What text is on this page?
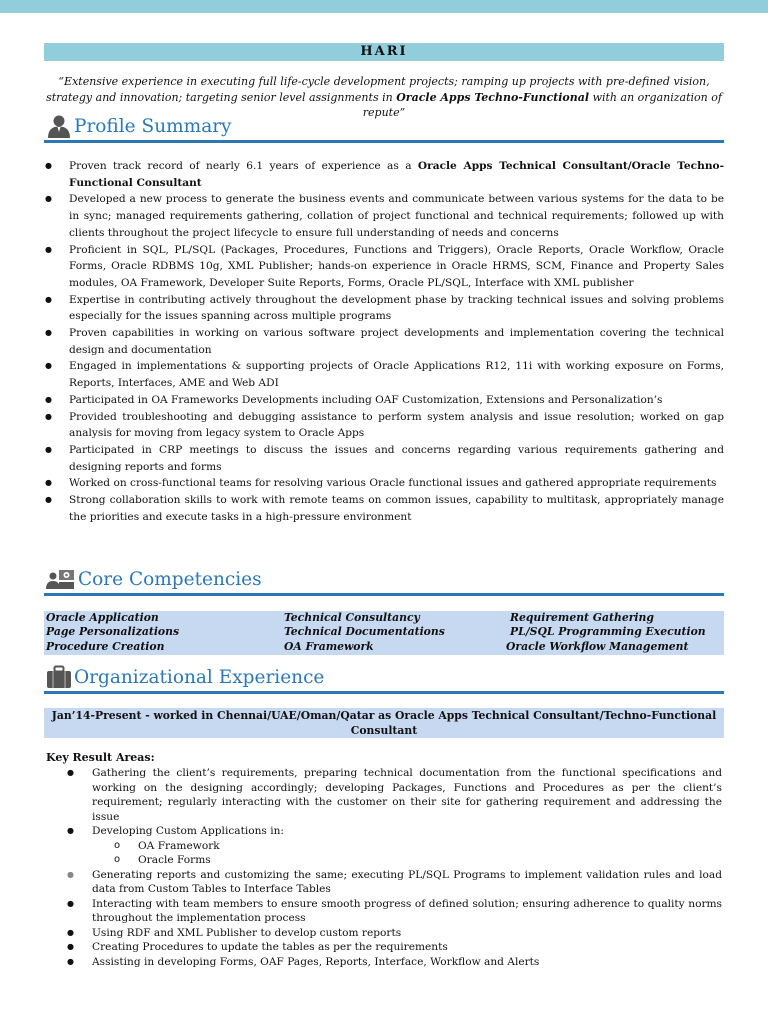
HARI
“Extensive experience in executing full life-cycle development projects; ramping up projects with pre-defined vision, strategy and innovation; targeting senior level assignments in Oracle Apps Techno-Functional with an organization of repute”
Profile Summary
● Proven track record of nearly 6.1 years of experience as a Oracle Apps Technical Consultant/Oracle Techno-Functional Consultant
● Developed a new process to generate the business events and communicate between various systems for the data to be in sync; managed requirements gathering, collation of project functional and technical requirements; followed up with clients throughout the project lifecycle to ensure full understanding of needs and concerns
● Proficient in SQL, PL/SQL (Packages, Procedures, Functions and Triggers), Oracle Reports, Oracle Workflow, Oracle Forms, Oracle RDBMS 10g, XML Publisher; hands-on experience in Oracle HRMS, SCM, Finance and Property Sales modules, OA Framework, Developer Suite Reports, Forms, Oracle PL/SQL, Interface with XML publisher
● Expertise in contributing actively throughout the development phase by tracking technical issues and solving problems especially for the issues spanning across multiple programs
● Proven capabilities in working on various software project developments and implementation covering the technical design and documentation
● Engaged in implementations & supporting projects of Oracle Applications R12, 11i with working exposure on Forms, Reports, Interfaces, AME and Web ADI
● Participated in OA Frameworks Developments including OAF Customization, Extensions and Personalization’s
● Provided troubleshooting and debugging assistance to perform system analysis and issue resolution; worked on gap analysis for moving from legacy system to Oracle Apps
● Participated in CRP meetings to discuss the issues and concerns regarding various requirements gathering and designing reports and forms
● Worked on cross-functional teams for resolving various Oracle functional issues and gathered appropriate requirements
● Strong collaboration skills to work with remote teams on common issues, capability to multitask, appropriately manage the priorities and execute tasks in a high-pressure environment
Core Competencies
Oracle Application
Page Personalizations
Procedure Creation
Technical Consultancy
Technical Documentations
OA Framework
Requirement Gathering
PL/SQL Programming Execution
Oracle Workflow Management
Organizational Experience
Jan’14-Present - worked in Chennai/UAE/Oman/Qatar as Oracle Apps Technical Consultant/Techno-Functional
Consultant
Key Result Areas:
● Gathering the client’s requirements, preparing technical documentation from the functional specifications and working on the designing accordingly; developing Packages, Functions and Procedures as per the client’s requirement; regularly interacting with the customer on their site for gathering requirement and addressing the issue
● Developing Custom Applications in:
o OA Framework
o Oracle Forms
● Generating reports and customizing the same; executing PL/SQL Programs to implement validation rules and load data from Custom Tables to Interface Tables
● Interacting with team members to ensure smooth progress of defined solution; ensuring adherence to quality norms throughout the implementation process
● Using RDF and XML Publisher to develop custom reports
● Creating Procedures to update the tables as per the requirements
● Assisting in developing Forms, OAF Pages, Reports, Interface, Workflow and Alerts
